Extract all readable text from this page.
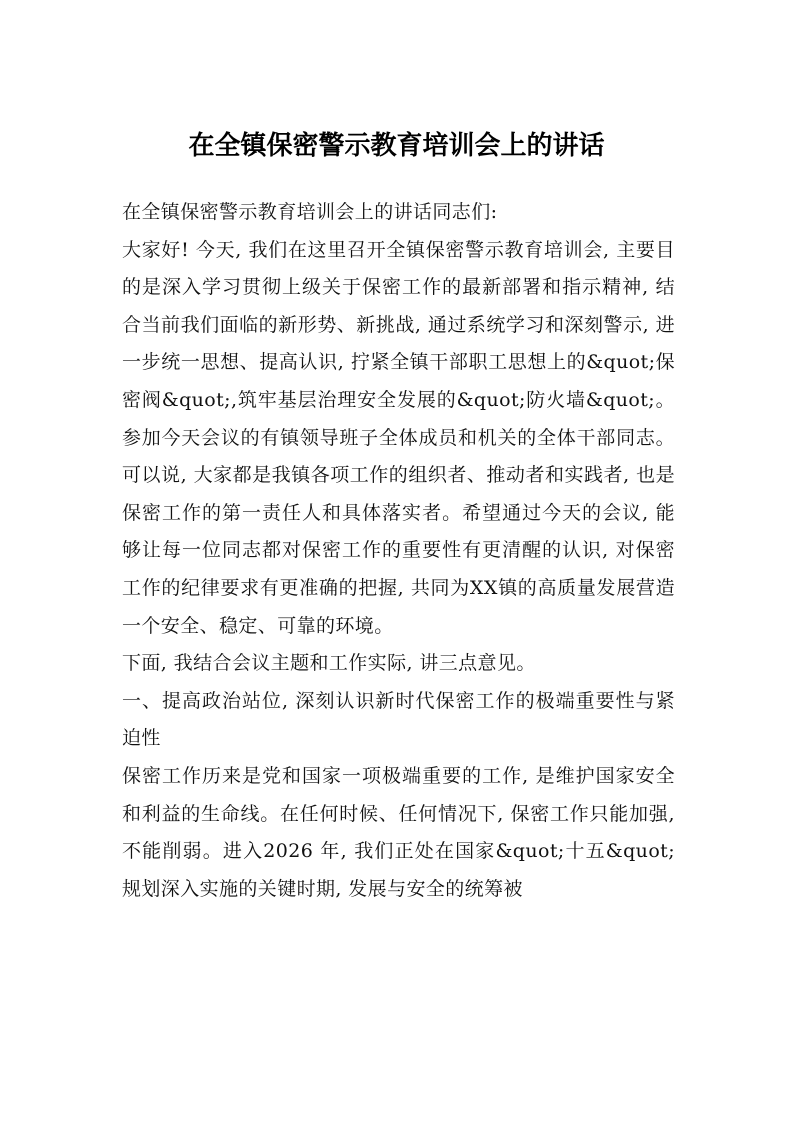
在全镇保密警示教育培训会上的讲话

在全镇保密警示教育培训会上的讲话同志们:

大家好! 今天, 我们在这里召开全镇保密警示教育培训会, 主要目的是深入学习贯彻上级关于保密工作的最新部署和指示精神, 结合当前我们面临的新形势、新挑战, 通过系统学习和深刻警示, 进一步统一思想、提高认识, 拧紧全镇干部职工思想上的&quot;保密阀&quot;,筑牢基层治理安全发展的&quot;防火墙&quot;。参加今天会议的有镇领导班子全体成员和机关的全体干部同志。可以说, 大家都是我镇各项工作的组织者、推动者和实践者, 也是保密工作的第一责任人和具体落实者。希望通过今天的会议, 能够让每一位同志都对保密工作的重要性有更清醒的认识, 对保密工作的纪律要求有更准确的把握, 共同为XX镇的高质量发展营造一个安全、稳定、可靠的环境。

下面, 我结合会议主题和工作实际, 讲三点意见。

一、提高政治站位, 深刻认识新时代保密工作的极端重要性与紧迫性

保密工作历来是党和国家一项极端重要的工作, 是维护国家安全和利益的生命线。在任何时候、任何情况下, 保密工作只能加强, 不能削弱。进入2026 年, 我们正处在国家&quot;十五&quot;规划深入实施的关键时期, 发展与安全的统筹被
